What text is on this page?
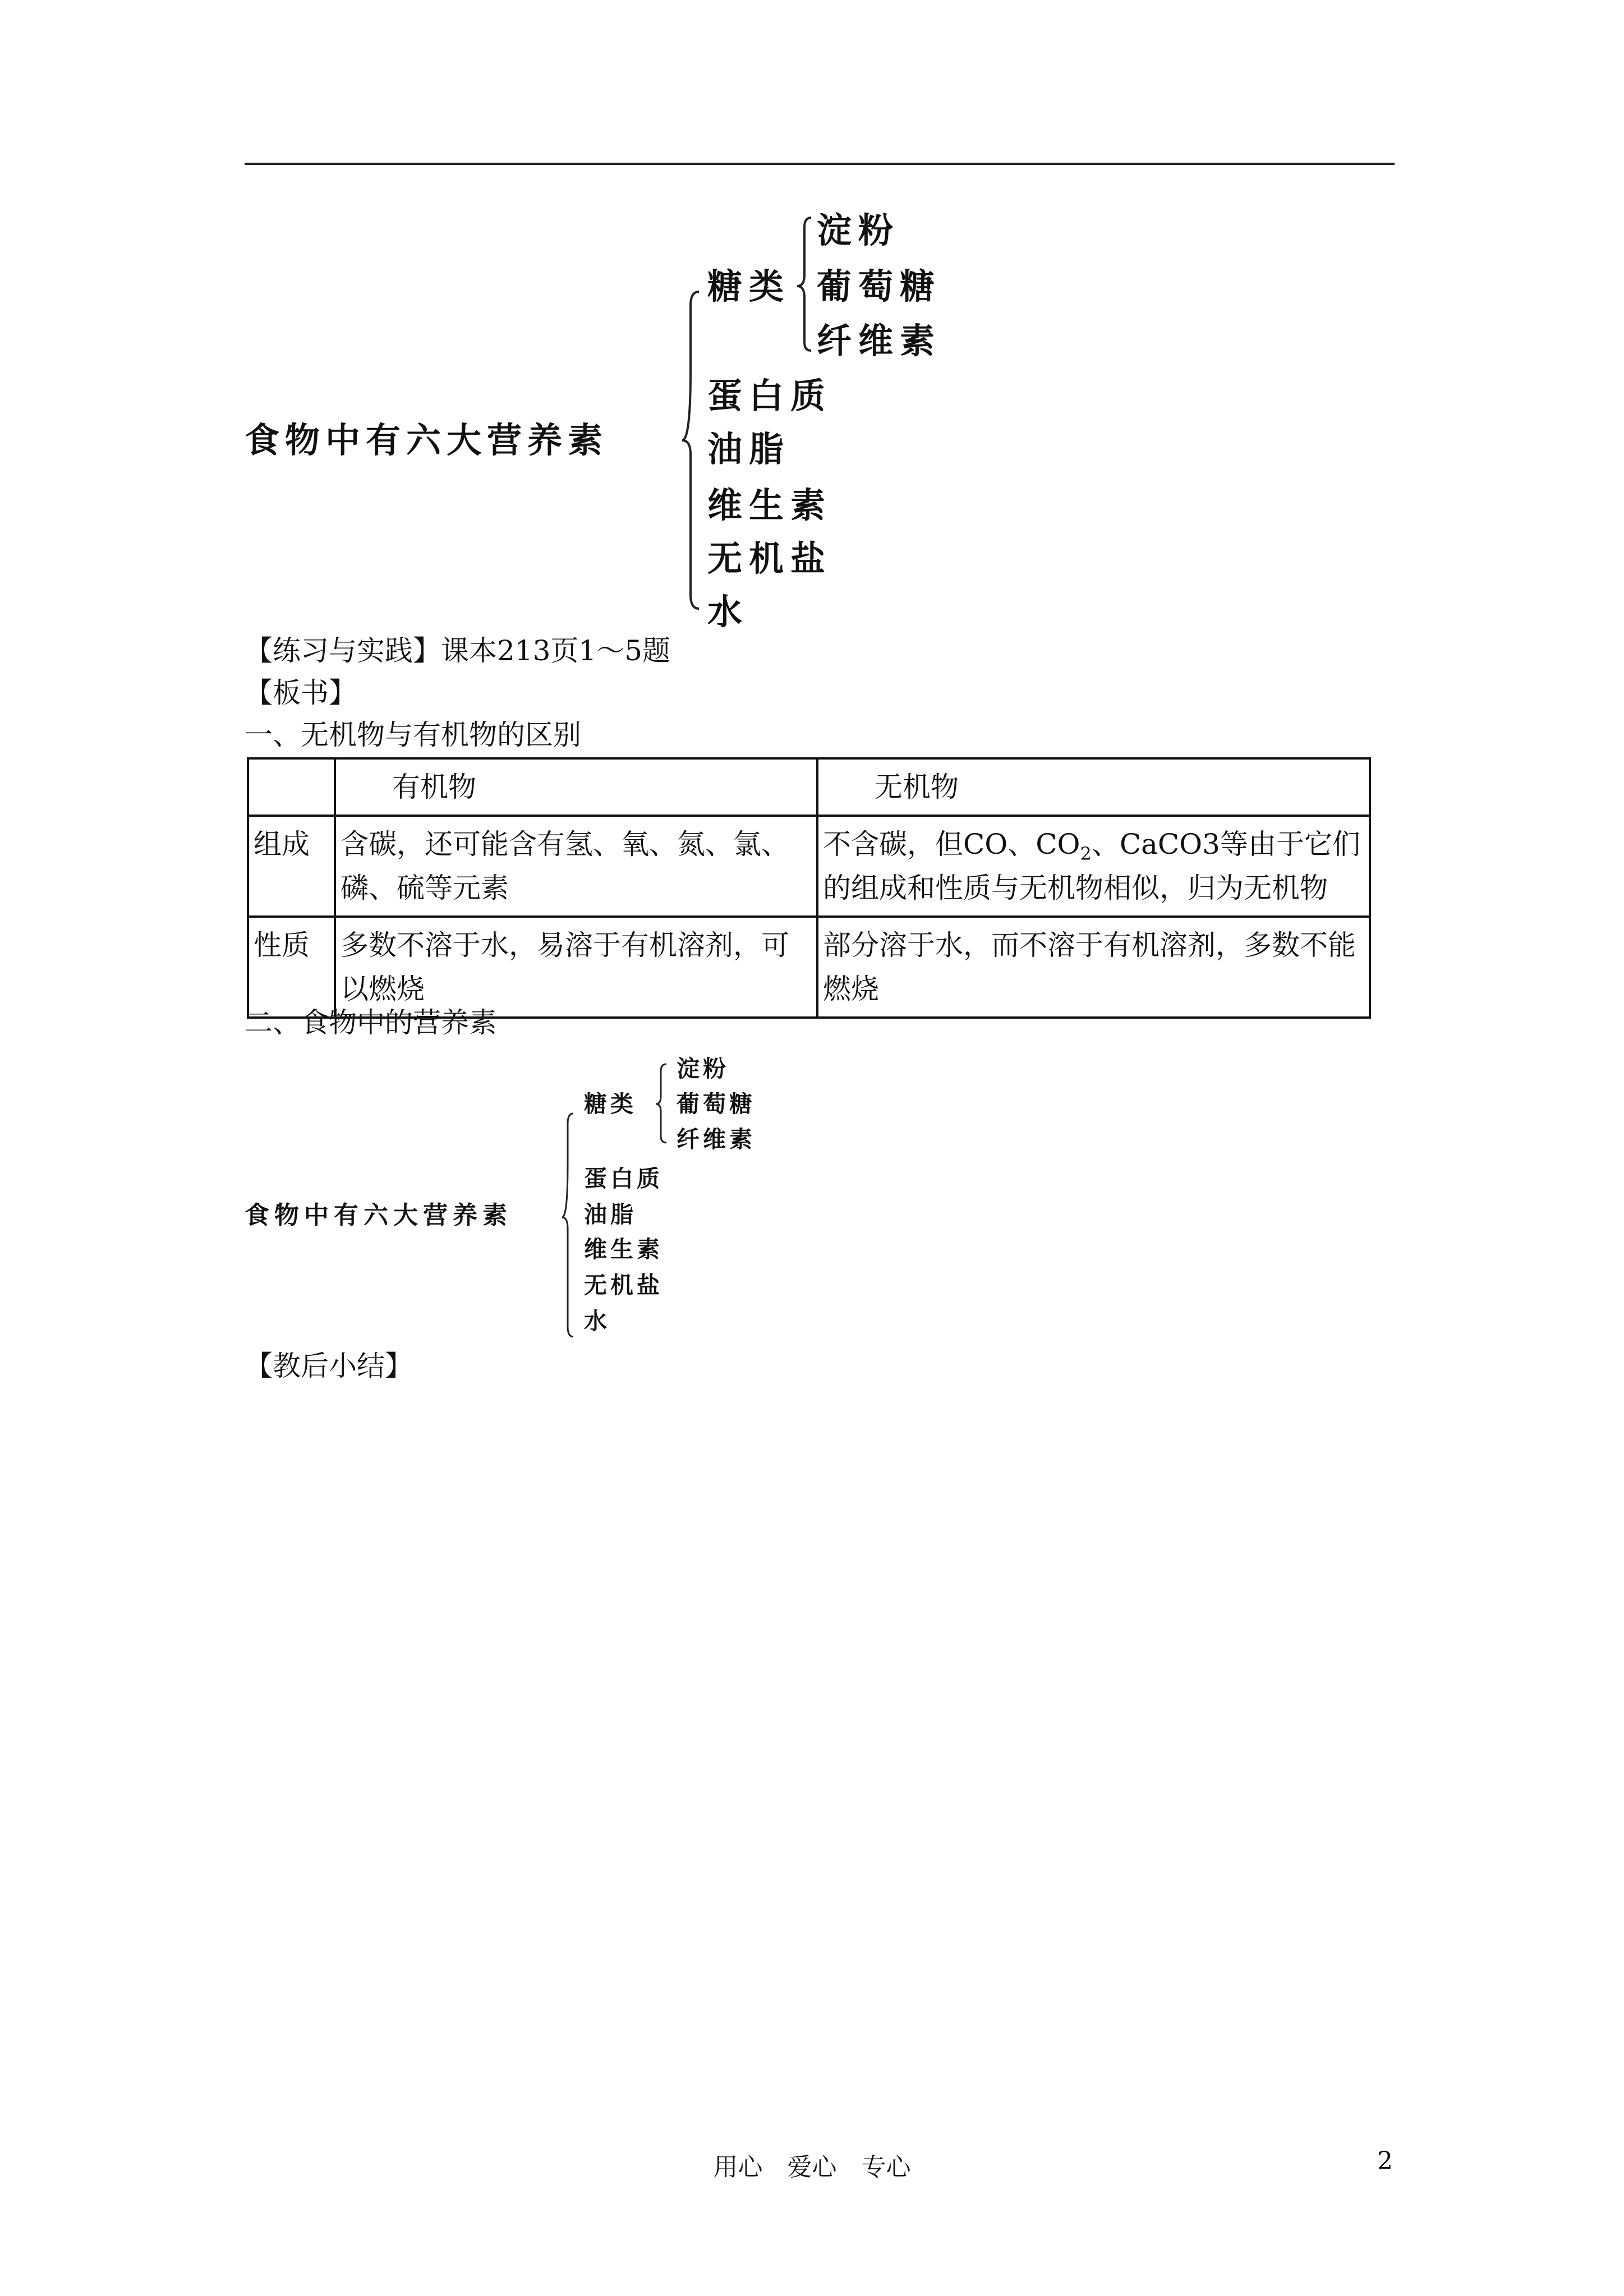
食物中有六大营养素
糖类
淀粉
葡萄糖
纤维素
蛋白质
油脂
维生素
无机盐
水
【练习与实践】课本213页1～5题
【板书】
一、无机物与有机物的区别
	有机物	无机物
组成	含碳，还可能含有氢、氧、氮、氯、磷、硫等元素	不含碳，但CO、$CO_2$、CaCO3等由于它们的组成和性质与无机物相似，归为无机物
性质	多数不溶于水，易溶于有机溶剂，可以燃烧	部分溶于水，而不溶于有机溶剂，多数不能燃烧
二、食物中的营养素
食物中有六大营养素
糖类
淀粉
葡萄糖
纤维素
蛋白质
油脂
维生素
无机盐
水
【教后小结】
用心　爱心　专心	2
